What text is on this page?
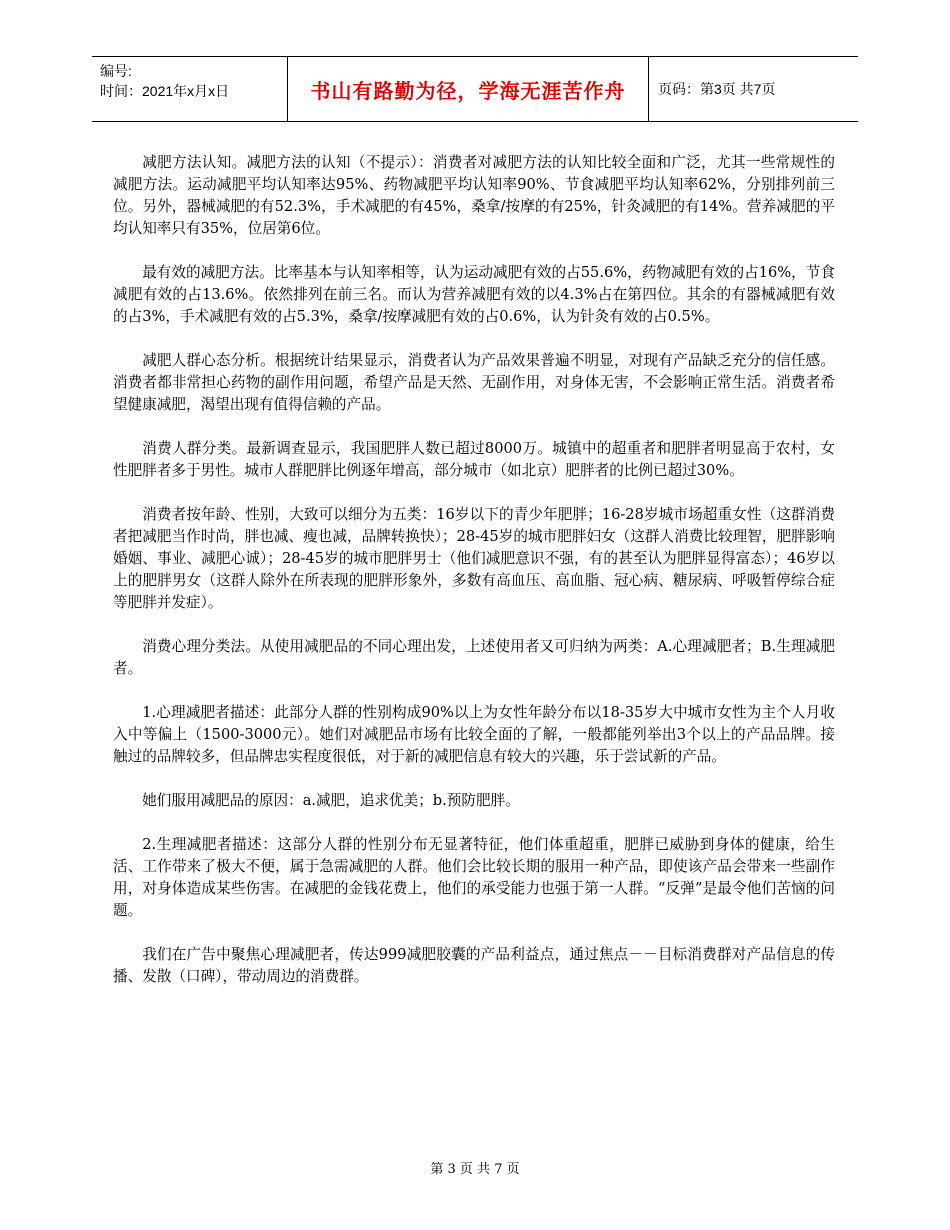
编号:
时间：2021年x月x日	书山有路勤为径，学海无涯苦作舟	页码：第3页 共7页

减肥方法认知。减肥方法的认知（不提示）：消费者对减肥方法的认知比较全面和广泛，尤其一些常规性的减肥方法。运动减肥平均认知率达95%、药物减肥平均认知率90%、节食减肥平均认知率62%，分别排列前三位。另外，器械减肥的有52.3%，手术减肥的有45%，桑拿/按摩的有25%，针灸减肥的有14%。营养减肥的平均认知率只有35%，位居第6位。

最有效的减肥方法。比率基本与认知率相等，认为运动减肥有效的占55.6%，药物减肥有效的占16%，节食减肥有效的占13.6%。依然排列在前三名。而认为营养减肥有效的以4.3%占在第四位。其余的有器械减肥有效的占3%，手术减肥有效的占5.3%，桑拿/按摩减肥有效的占0.6%，认为针灸有效的占0.5%。

减肥人群心态分析。根据统计结果显示，消费者认为产品效果普遍不明显，对现有产品缺乏充分的信任感。消费者都非常担心药物的副作用问题，希望产品是天然、无副作用，对身体无害，不会影响正常生活。消费者希望健康减肥，渴望出现有值得信赖的产品。

消费人群分类。最新调查显示，我国肥胖人数已超过8000万。城镇中的超重者和肥胖者明显高于农村，女性肥胖者多于男性。城市人群肥胖比例逐年增高，部分城市（如北京）肥胖者的比例已超过30%。

消费者按年龄、性别，大致可以细分为五类：16岁以下的青少年肥胖；16-28岁城市场超重女性（这群消费者把减肥当作时尚，胖也减、瘦也减，品牌转换快）；28-45岁的城市肥胖妇女（这群人消费比较理智，肥胖影响婚姻、事业、减肥心诚）；28-45岁的城市肥胖男士（他们减肥意识不强，有的甚至认为肥胖显得富态）；46岁以上的肥胖男女（这群人除外在所表现的肥胖形象外，多数有高血压、高血脂、冠心病、糖尿病、呼吸暂停综合症等肥胖并发症）。

消费心理分类法。从使用减肥品的不同心理出发，上述使用者又可归纳为两类：A.心理减肥者；B.生理减肥者。

1.心理减肥者描述：此部分人群的性别构成90%以上为女性年龄分布以18-35岁大中城市女性为主个人月收入中等偏上（1500-3000元）。她们对减肥品市场有比较全面的了解，一般都能列举出3个以上的产品品牌。接触过的品牌较多，但品牌忠实程度很低，对于新的减肥信息有较大的兴趣，乐于尝试新的产品。

她们服用减肥品的原因：a.减肥，追求优美；b.预防肥胖。

2.生理减肥者描述：这部分人群的性别分布无显著特征，他们体重超重，肥胖已威胁到身体的健康，给生活、工作带来了极大不便，属于急需减肥的人群。他们会比较长期的服用一种产品，即使该产品会带来一些副作用，对身体造成某些伤害。在减肥的金钱花费上，他们的承受能力也强于第一人群。“反弹”是最令他们苦恼的问题。

我们在广告中聚焦心理减肥者，传达999减肥胶囊的产品利益点，通过焦点－－目标消费群对产品信息的传播、发散（口碑），带动周边的消费群。

第 3 页 共 7 页
